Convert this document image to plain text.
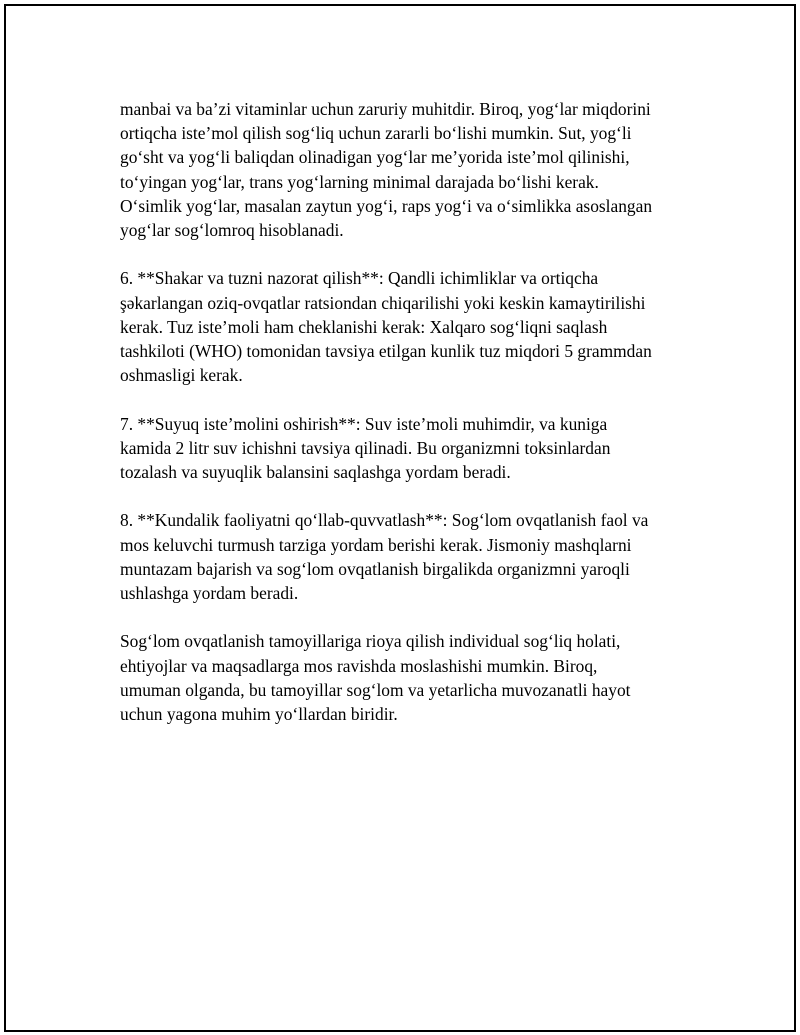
manbai va ba’zi vitaminlar uchun zaruriy muhitdir. Biroq, yog‘lar miqdorini
ortiqcha iste’mol qilish sog‘liq uchun zararli bo‘lishi mumkin. Sut, yog‘li
go‘sht va yog‘li baliqdan olinadigan yog‘lar me’yorida iste’mol qilinishi,
to‘yingan yog‘lar, trans yog‘larning minimal darajada bo‘lishi kerak.
O‘simlik yog‘lar, masalan zaytun yog‘i, raps yog‘i va o‘simlikka asoslangan
yog‘lar sog‘lomroq hisoblanadi.

6. **Shakar va tuzni nazorat qilish**: Qandli ichimliklar va ortiqcha
şəkarlangan oziq-ovqatlar ratsiondan chiqarilishi yoki keskin kamaytirilishi
kerak. Tuz iste’moli ham cheklanishi kerak: Xalqaro sog‘liqni saqlash
tashkiloti (WHO) tomonidan tavsiya etilgan kunlik tuz miqdori 5 grammdan
oshmasligi kerak.

7. **Suyuq iste’molini oshirish**: Suv iste’moli muhimdir, va kuniga
kamida 2 litr suv ichishni tavsiya qilinadi. Bu organizmni toksinlardan
tozalash va suyuqlik balansini saqlashga yordam beradi.

8. **Kundalik faoliyatni qo‘llab-quvvatlash**: Sog‘lom ovqatlanish faol va
mos keluvchi turmush tarziga yordam berishi kerak. Jismoniy mashqlarni
muntazam bajarish va sog‘lom ovqatlanish birgalikda organizmni yaroqli
ushlashga yordam beradi.

Sog‘lom ovqatlanish tamoyillariga rioya qilish individual sog‘liq holati,
ehtiyojlar va maqsadlarga mos ravishda moslashishi mumkin. Biroq,
umuman olganda, bu tamoyillar sog‘lom va yetarlicha muvozanatli hayot
uchun yagona muhim yo‘llardan biridir.
